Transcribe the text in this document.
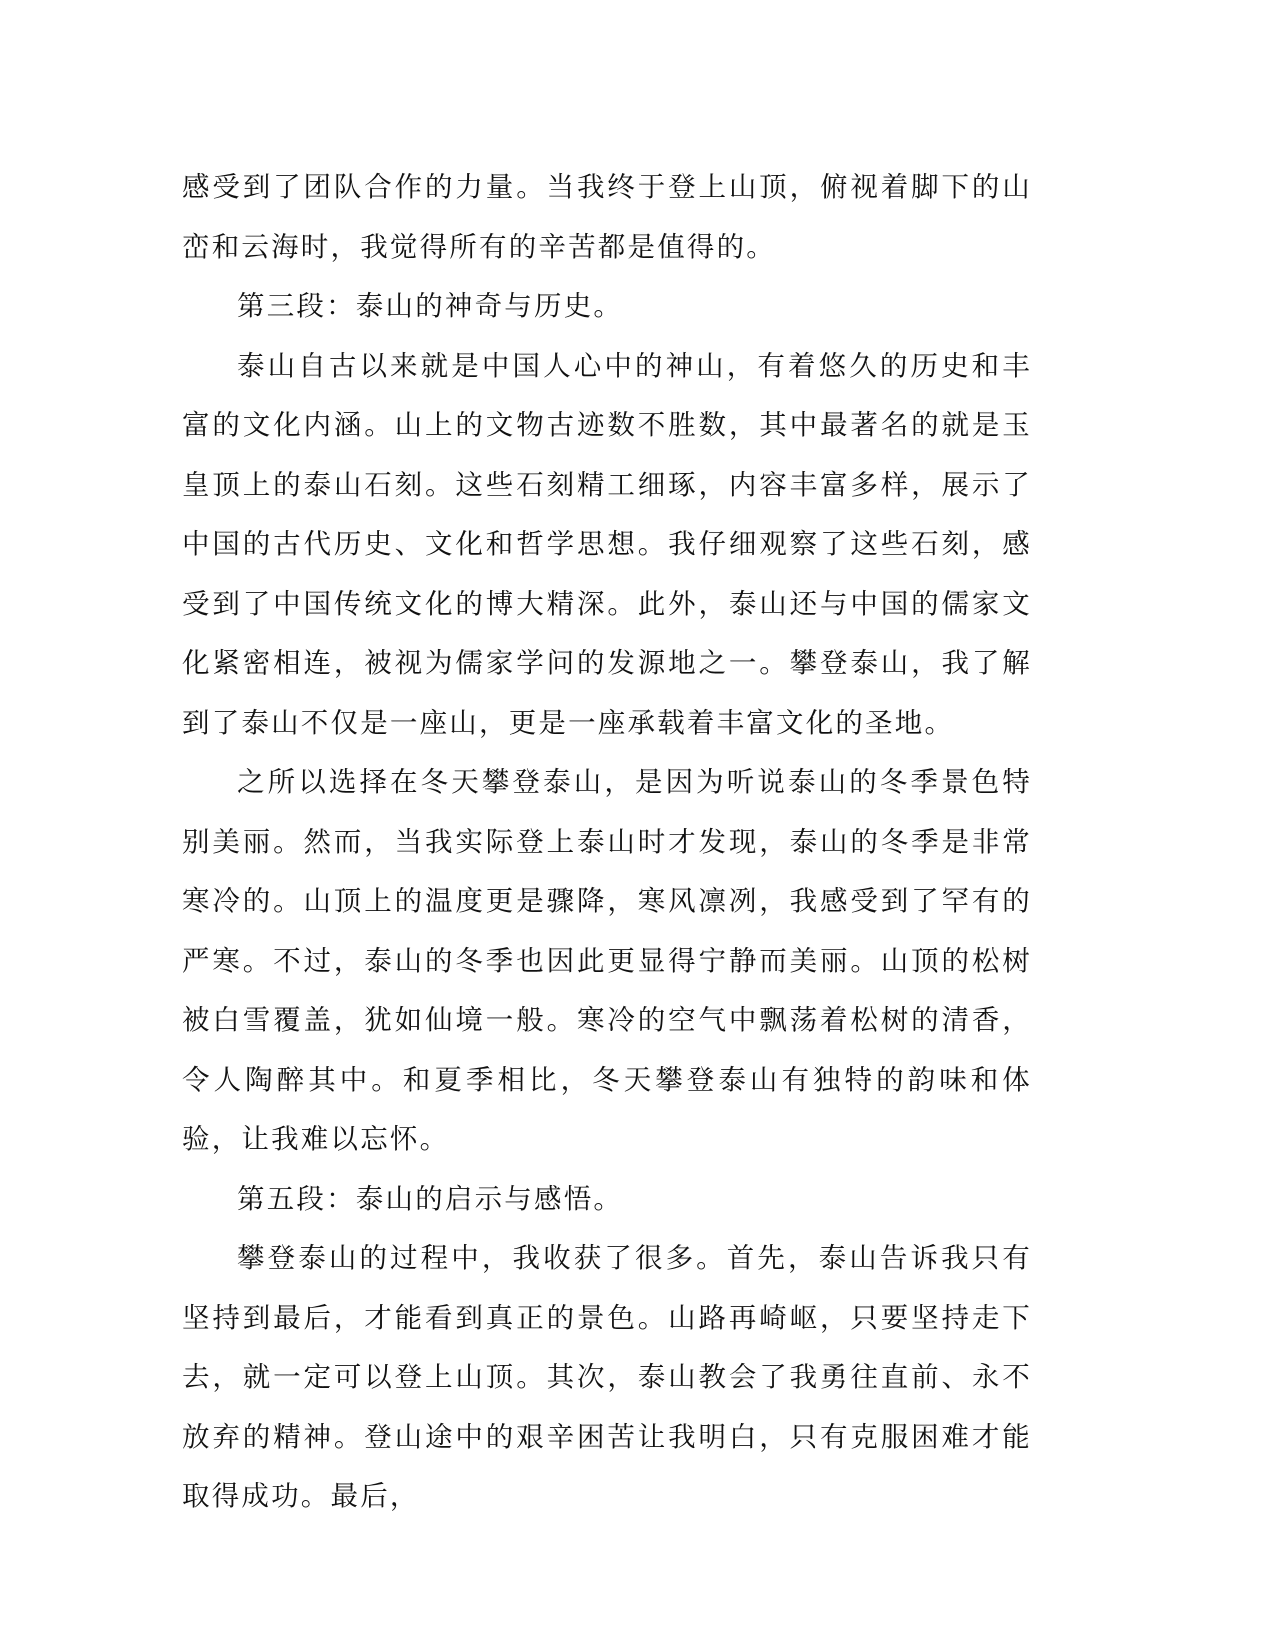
感受到了团队合作的力量。当我终于登上山顶，俯视着脚下的山峦和云海时，我觉得所有的辛苦都是值得的。

第三段：泰山的神奇与历史。

泰山自古以来就是中国人心中的神山，有着悠久的历史和丰富的文化内涵。山上的文物古迹数不胜数，其中最著名的就是玉皇顶上的泰山石刻。这些石刻精工细琢，内容丰富多样，展示了中国的古代历史、文化和哲学思想。我仔细观察了这些石刻，感受到了中国传统文化的博大精深。此外，泰山还与中国的儒家文化紧密相连，被视为儒家学问的发源地之一。攀登泰山，我了解到了泰山不仅是一座山，更是一座承载着丰富文化的圣地。

之所以选择在冬天攀登泰山，是因为听说泰山的冬季景色特别美丽。然而，当我实际登上泰山时才发现，泰山的冬季是非常寒冷的。山顶上的温度更是骤降，寒风凛冽，我感受到了罕有的严寒。不过，泰山的冬季也因此更显得宁静而美丽。山顶的松树被白雪覆盖，犹如仙境一般。寒冷的空气中飘荡着松树的清香，令人陶醉其中。和夏季相比，冬天攀登泰山有独特的韵味和体验，让我难以忘怀。

第五段：泰山的启示与感悟。

攀登泰山的过程中，我收获了很多。首先，泰山告诉我只有坚持到最后，才能看到真正的景色。山路再崎岖，只要坚持走下去，就一定可以登上山顶。其次，泰山教会了我勇往直前、永不放弃的精神。登山途中的艰辛困苦让我明白，只有克服困难才能取得成功。最后，
